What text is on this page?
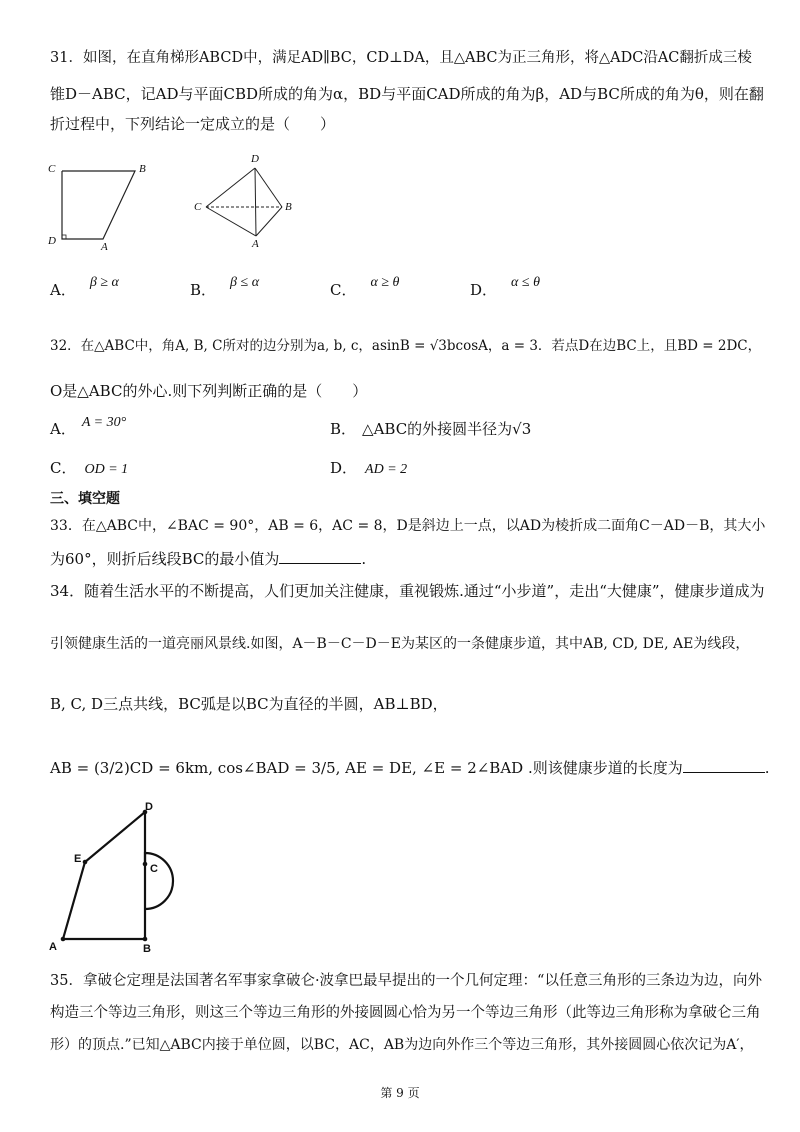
31．如图，在直角梯形ABCD中，满足AD∥BC，CD⊥DA，且△ABC为正三角形，将△ADC沿AC翻折成三棱
锥D－ABC，记AD与平面CBD所成的角为α，BD与平面CAD所成的角为β，AD与BC所成的角为θ，则在翻
折过程中，下列结论一定成立的是（　　）
C	B
D	A
D
C	B
A
A． β ≥ α	B． β ≤ α	C． α ≥ θ	D． α ≤ θ
32．在△ABC中，角A, B, C所对的边分别为a, b, c，asinB = √3bcosA，a = 3．若点D在边BC上，且BD = 2DC，
O是△ABC的外心.则下列判断正确的是（　　）
A． A = 30°	B． △ABC的外接圆半径为√3
C． OD = 1	D． AD = 2
三、填空题
33．在△ABC中，∠BAC = 90°，AB = 6，AC = 8，D是斜边上一点，以AD为棱折成二面角C－AD－B，其大小
为60°，则折后线段BC的最小值为	.
34．随着生活水平的不断提高，人们更加关注健康，重视锻炼.通过“小步道”，走出“大健康”，健康步道成为
引领健康生活的一道亮丽风景线.如图，A－B－C－D－E为某区的一条健康步道，其中AB, CD, DE, AE为线段，
B, C, D三点共线，BC弧是以BC为直径的半圆，AB⊥BD，
AB = (3/2)CD = 6km, cos∠BAD = 3/5, AE = DE, ∠E = 2∠BAD .则该健康步道的长度为	.
D
E
C
A	B
35．拿破仑定理是法国著名军事家拿破仑·波拿巴最早提出的一个几何定理：“以任意三角形的三条边为边，向外
构造三个等边三角形，则这三个等边三角形的外接圆圆心恰为另一个等边三角形（此等边三角形称为拿破仑三角
形）的顶点.”已知△ABC内接于单位圆，以BC，AC，AB为边向外作三个等边三角形，其外接圆圆心依次记为A′，
第 9 页
